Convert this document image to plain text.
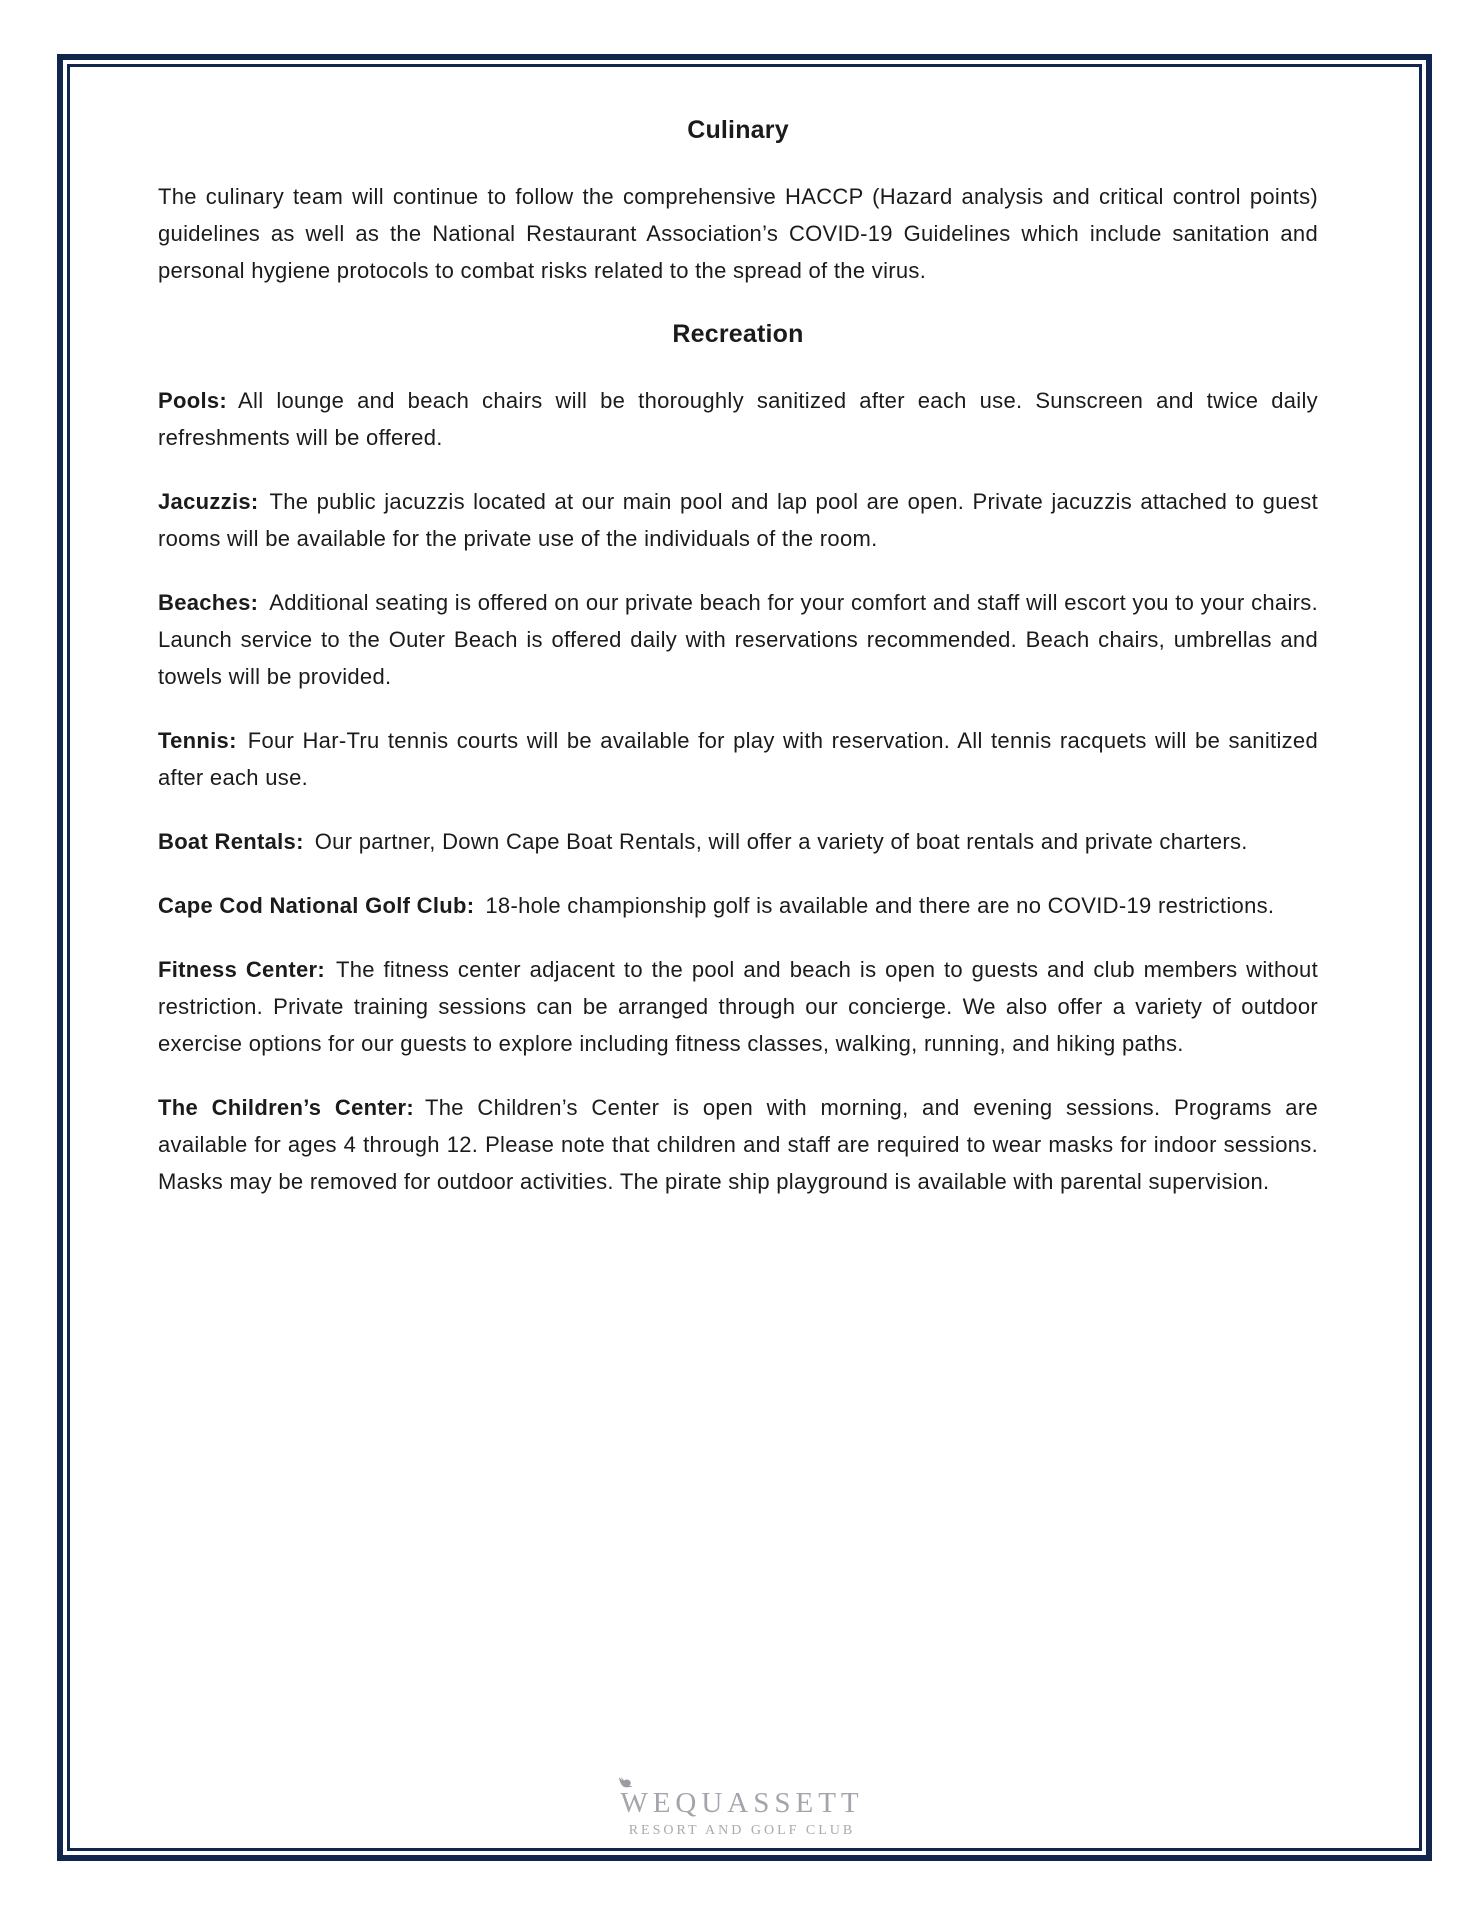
Culinary

The culinary team will continue to follow the comprehensive HACCP (Hazard analysis and critical control points) guidelines as well as the National Restaurant Association’s COVID-19 Guidelines which include sanitation and personal hygiene protocols to combat risks related to the spread of the virus.

Recreation

Pools: All lounge and beach chairs will be thoroughly sanitized after each use. Sunscreen and twice daily refreshments will be offered.

Jacuzzis: The public jacuzzis located at our main pool and lap pool are open. Private jacuzzis attached to guest rooms will be available for the private use of the individuals of the room.

Beaches: Additional seating is offered on our private beach for your comfort and staff will escort you to your chairs. Launch service to the Outer Beach is offered daily with reservations recommended. Beach chairs, umbrellas and towels will be provided.

Tennis: Four Har-Tru tennis courts will be available for play with reservation. All tennis racquets will be sanitized after each use.

Boat Rentals: Our partner, Down Cape Boat Rentals, will offer a variety of boat rentals and private charters.

Cape Cod National Golf Club: 18-hole championship golf is available and there are no COVID-19 restrictions.

Fitness Center: The fitness center adjacent to the pool and beach is open to guests and club members without restriction. Private training sessions can be arranged through our concierge. We also offer a variety of outdoor exercise options for our guests to explore including fitness classes, walking, running, and hiking paths.

The Children’s Center: The Children’s Center is open with morning, and evening sessions. Programs are available for ages 4 through 12. Please note that children and staff are required to wear masks for indoor sessions. Masks may be removed for outdoor activities. The pirate ship playground is available with parental supervision.

WEQUASSETT
RESORT AND GOLF CLUB
